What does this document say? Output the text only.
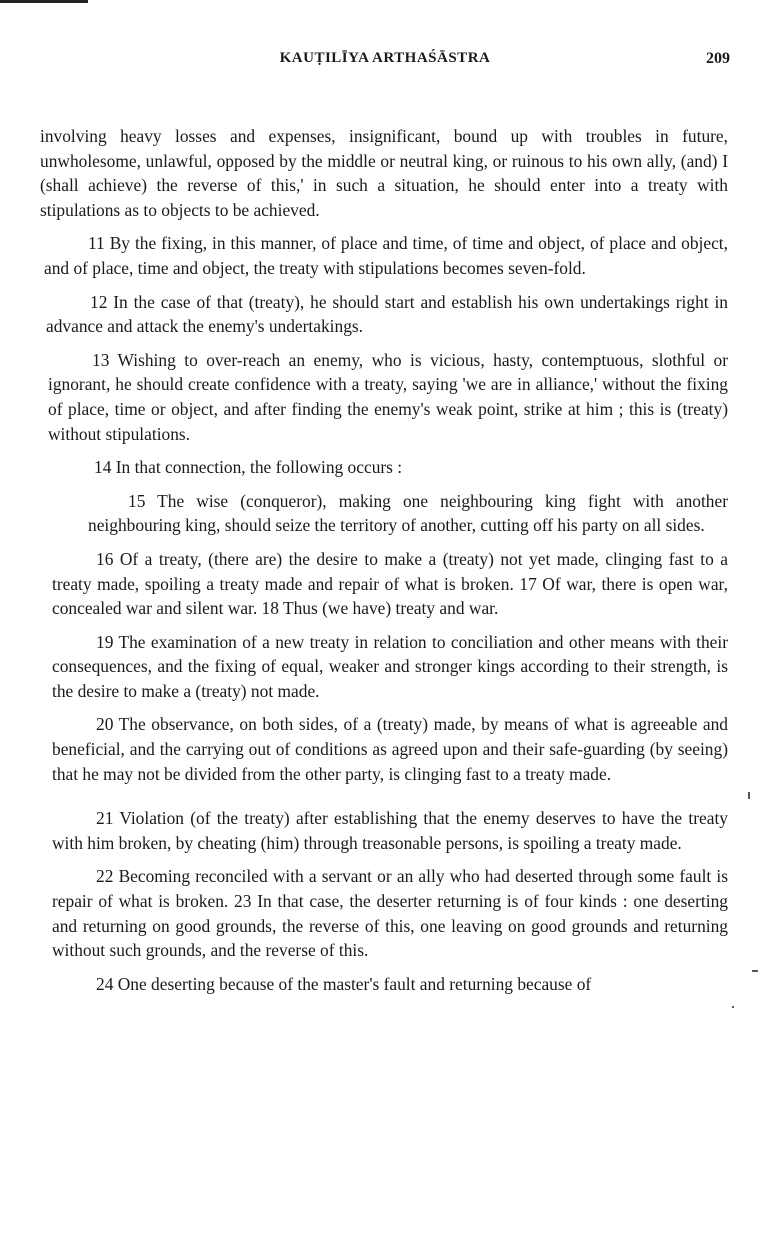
KAUṬILĪYA ARTHAŚĀSTRA	209

involving heavy losses and expenses, insignificant, bound up with troubles in future, unwholesome, unlawful, opposed by the middle or neutral king, or ruinous to his own ally, (and) I (shall achieve) the reverse of this,' in such a situation, he should enter into a treaty with stipulations as to objects to be achieved.

11 By the fixing, in this manner, of place and time, of time and object, of place and object, and of place, time and object, the treaty with stipulations becomes seven-fold.

12 In the case of that (treaty), he should start and establish his own undertakings right in advance and attack the enemy's undertakings.

13 Wishing to over-reach an enemy, who is vicious, hasty, contemptuous, slothful or ignorant, he should create confidence with a treaty, saying 'we are in alliance,' without the fixing of place, time or object, and after finding the enemy's weak point, strike at him ; this is (treaty) without stipulations.

14 In that connection, the following occurs :

15 The wise (conqueror), making one neighbouring king fight with another neighbouring king, should seize the territory of another, cutting off his party on all sides.

16 Of a treaty, (there are) the desire to make a (treaty) not yet made, clinging fast to a treaty made, spoiling a treaty made and repair of what is broken. 17 Of war, there is open war, concealed war and silent war. 18 Thus (we have) treaty and war.

19 The examination of a new treaty in relation to conciliation and other means with their consequences, and the fixing of equal, weaker and stronger kings according to their strength, is the desire to make a (treaty) not made.

20 The observance, on both sides, of a (treaty) made, by means of what is agreeable and beneficial, and the carrying out of conditions as agreed upon and their safe-guarding (by seeing) that he may not be divided from the other party, is clinging fast to a treaty made.

21 Violation (of the treaty) after establishing that the enemy deserves to have the treaty with him broken, by cheating (him) through treasonable persons, is spoiling a treaty made.

22 Becoming reconciled with a servant or an ally who had deserted through some fault is repair of what is broken. 23 In that case, the deserter returning is of four kinds : one deserting and returning on good grounds, the reverse of this, one leaving on good grounds and returning without such grounds, and the reverse of this.

24 One deserting because of the master's fault and returning because of
